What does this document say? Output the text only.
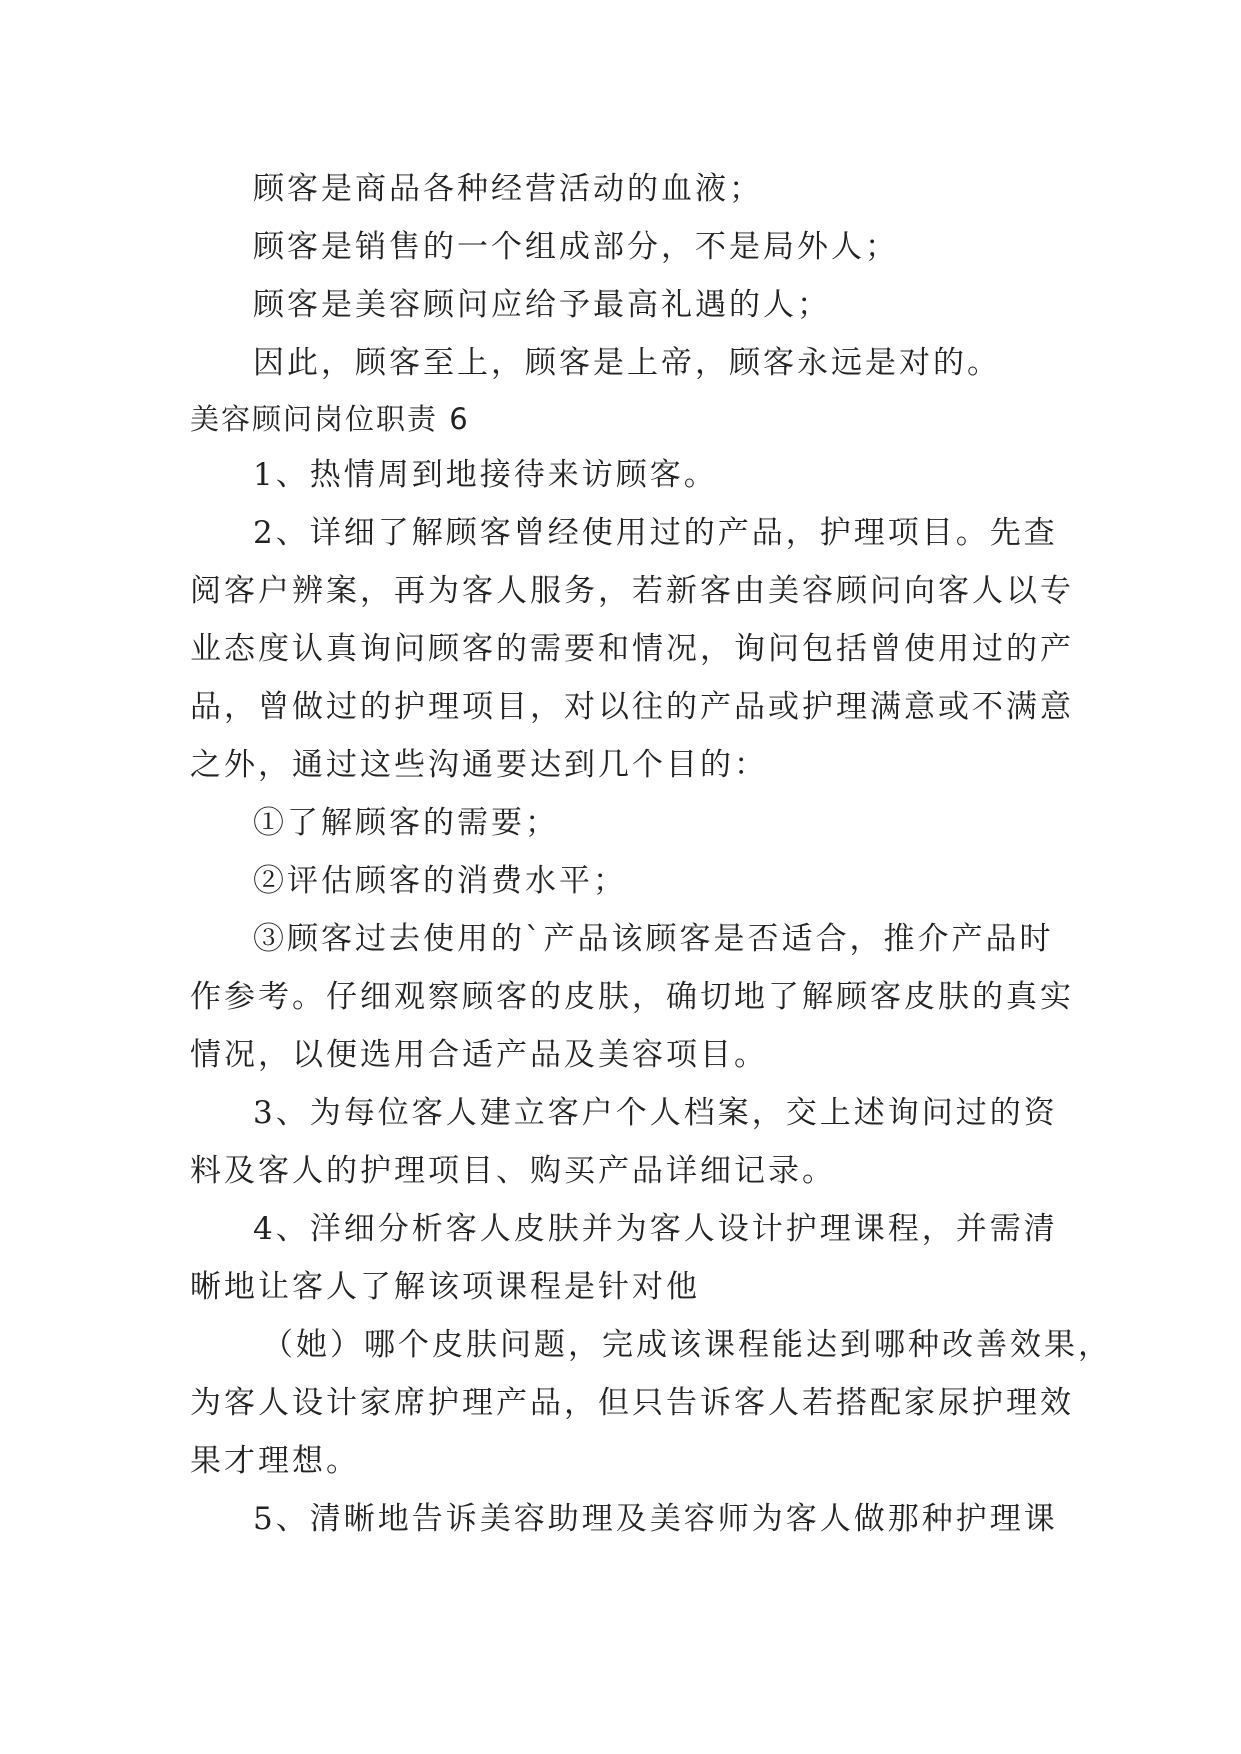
顾客是商品各种经营活动的血液；
顾客是销售的一个组成部分，不是局外人；
顾客是美容顾问应给予最高礼遇的人；
因此，顾客至上，顾客是上帝，顾客永远是对的。
美容顾问岗位职责 6
1、热情周到地接待来访顾客。
2、详细了解顾客曾经使用过的产品，护理项目。先查
阅客户辨案，再为客人服务，若新客由美容顾问向客人以专
业态度认真询问顾客的需要和情况，询问包括曾使用过的产
品，曾做过的护理项目，对以往的产品或护理满意或不满意
之外，通过这些沟通要达到几个目的：
①了解顾客的需要；
②评估顾客的消费水平；
③顾客过去使用的`产品该顾客是否适合，推介产品时
作参考。仔细观察顾客的皮肤，确切地了解顾客皮肤的真实
情况，以便选用合适产品及美容项目。
3、为每位客人建立客户个人档案，交上述询问过的资
料及客人的护理项目、购买产品详细记录。
4、洋细分析客人皮肤并为客人设计护理课程，并需清
晰地让客人了解该项课程是针对他
（她）哪个皮肤问题，完成该课程能达到哪种改善效果，
为客人设计家席护理产品，但只告诉客人若搭配家尿护理效
果才理想。
5、清晰地告诉美容助理及美容师为客人做那种护理课
